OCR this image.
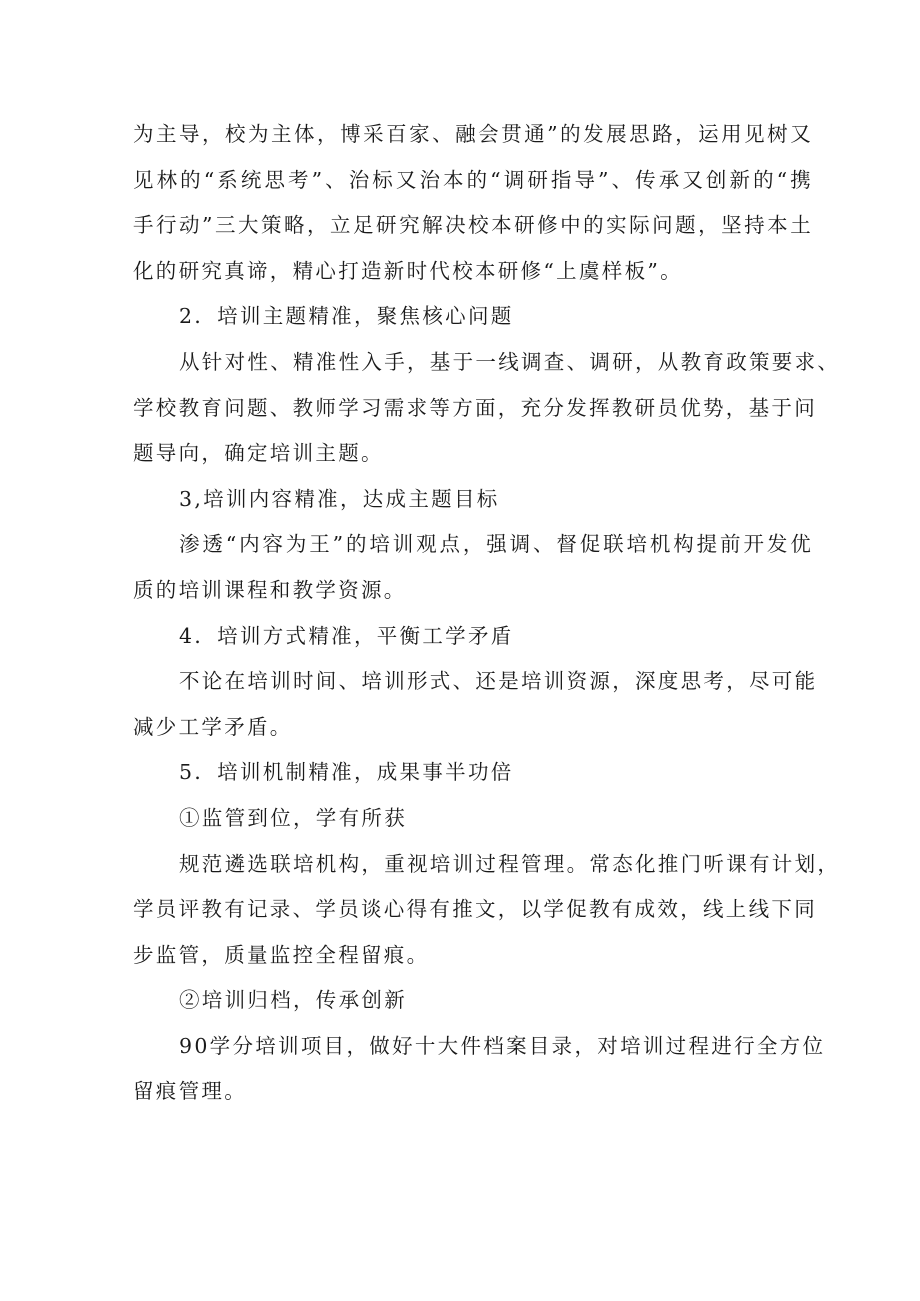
为主导，校为主体，博采百家、融会贯通”的发展思路，运用见树又
见林的“系统思考”、治标又治本的“调研指导”、传承又创新的“携
手行动”三大策略，立足研究解决校本研修中的实际问题，坚持本土
化的研究真谛，精心打造新时代校本研修“上虞样板”。
2．培训主题精准，聚焦核心问题
从针对性、精准性入手，基于一线调查、调研，从教育政策要求、
学校教育问题、教师学习需求等方面，充分发挥教研员优势，基于问
题导向，确定培训主题。
3,培训内容精准，达成主题目标
渗透“内容为王”的培训观点，强调、督促联培机构提前开发优
质的培训课程和教学资源。
4．培训方式精准，平衡工学矛盾
不论在培训时间、培训形式、还是培训资源，深度思考，尽可能
减少工学矛盾。
5．培训机制精准，成果事半功倍
①监管到位，学有所获
规范遴选联培机构，重视培训过程管理。常态化推门听课有计划，
学员评教有记录、学员谈心得有推文，以学促教有成效，线上线下同
步监管，质量监控全程留痕。
②培训归档，传承创新
90学分培训项目，做好十大件档案目录，对培训过程进行全方位
留痕管理。
